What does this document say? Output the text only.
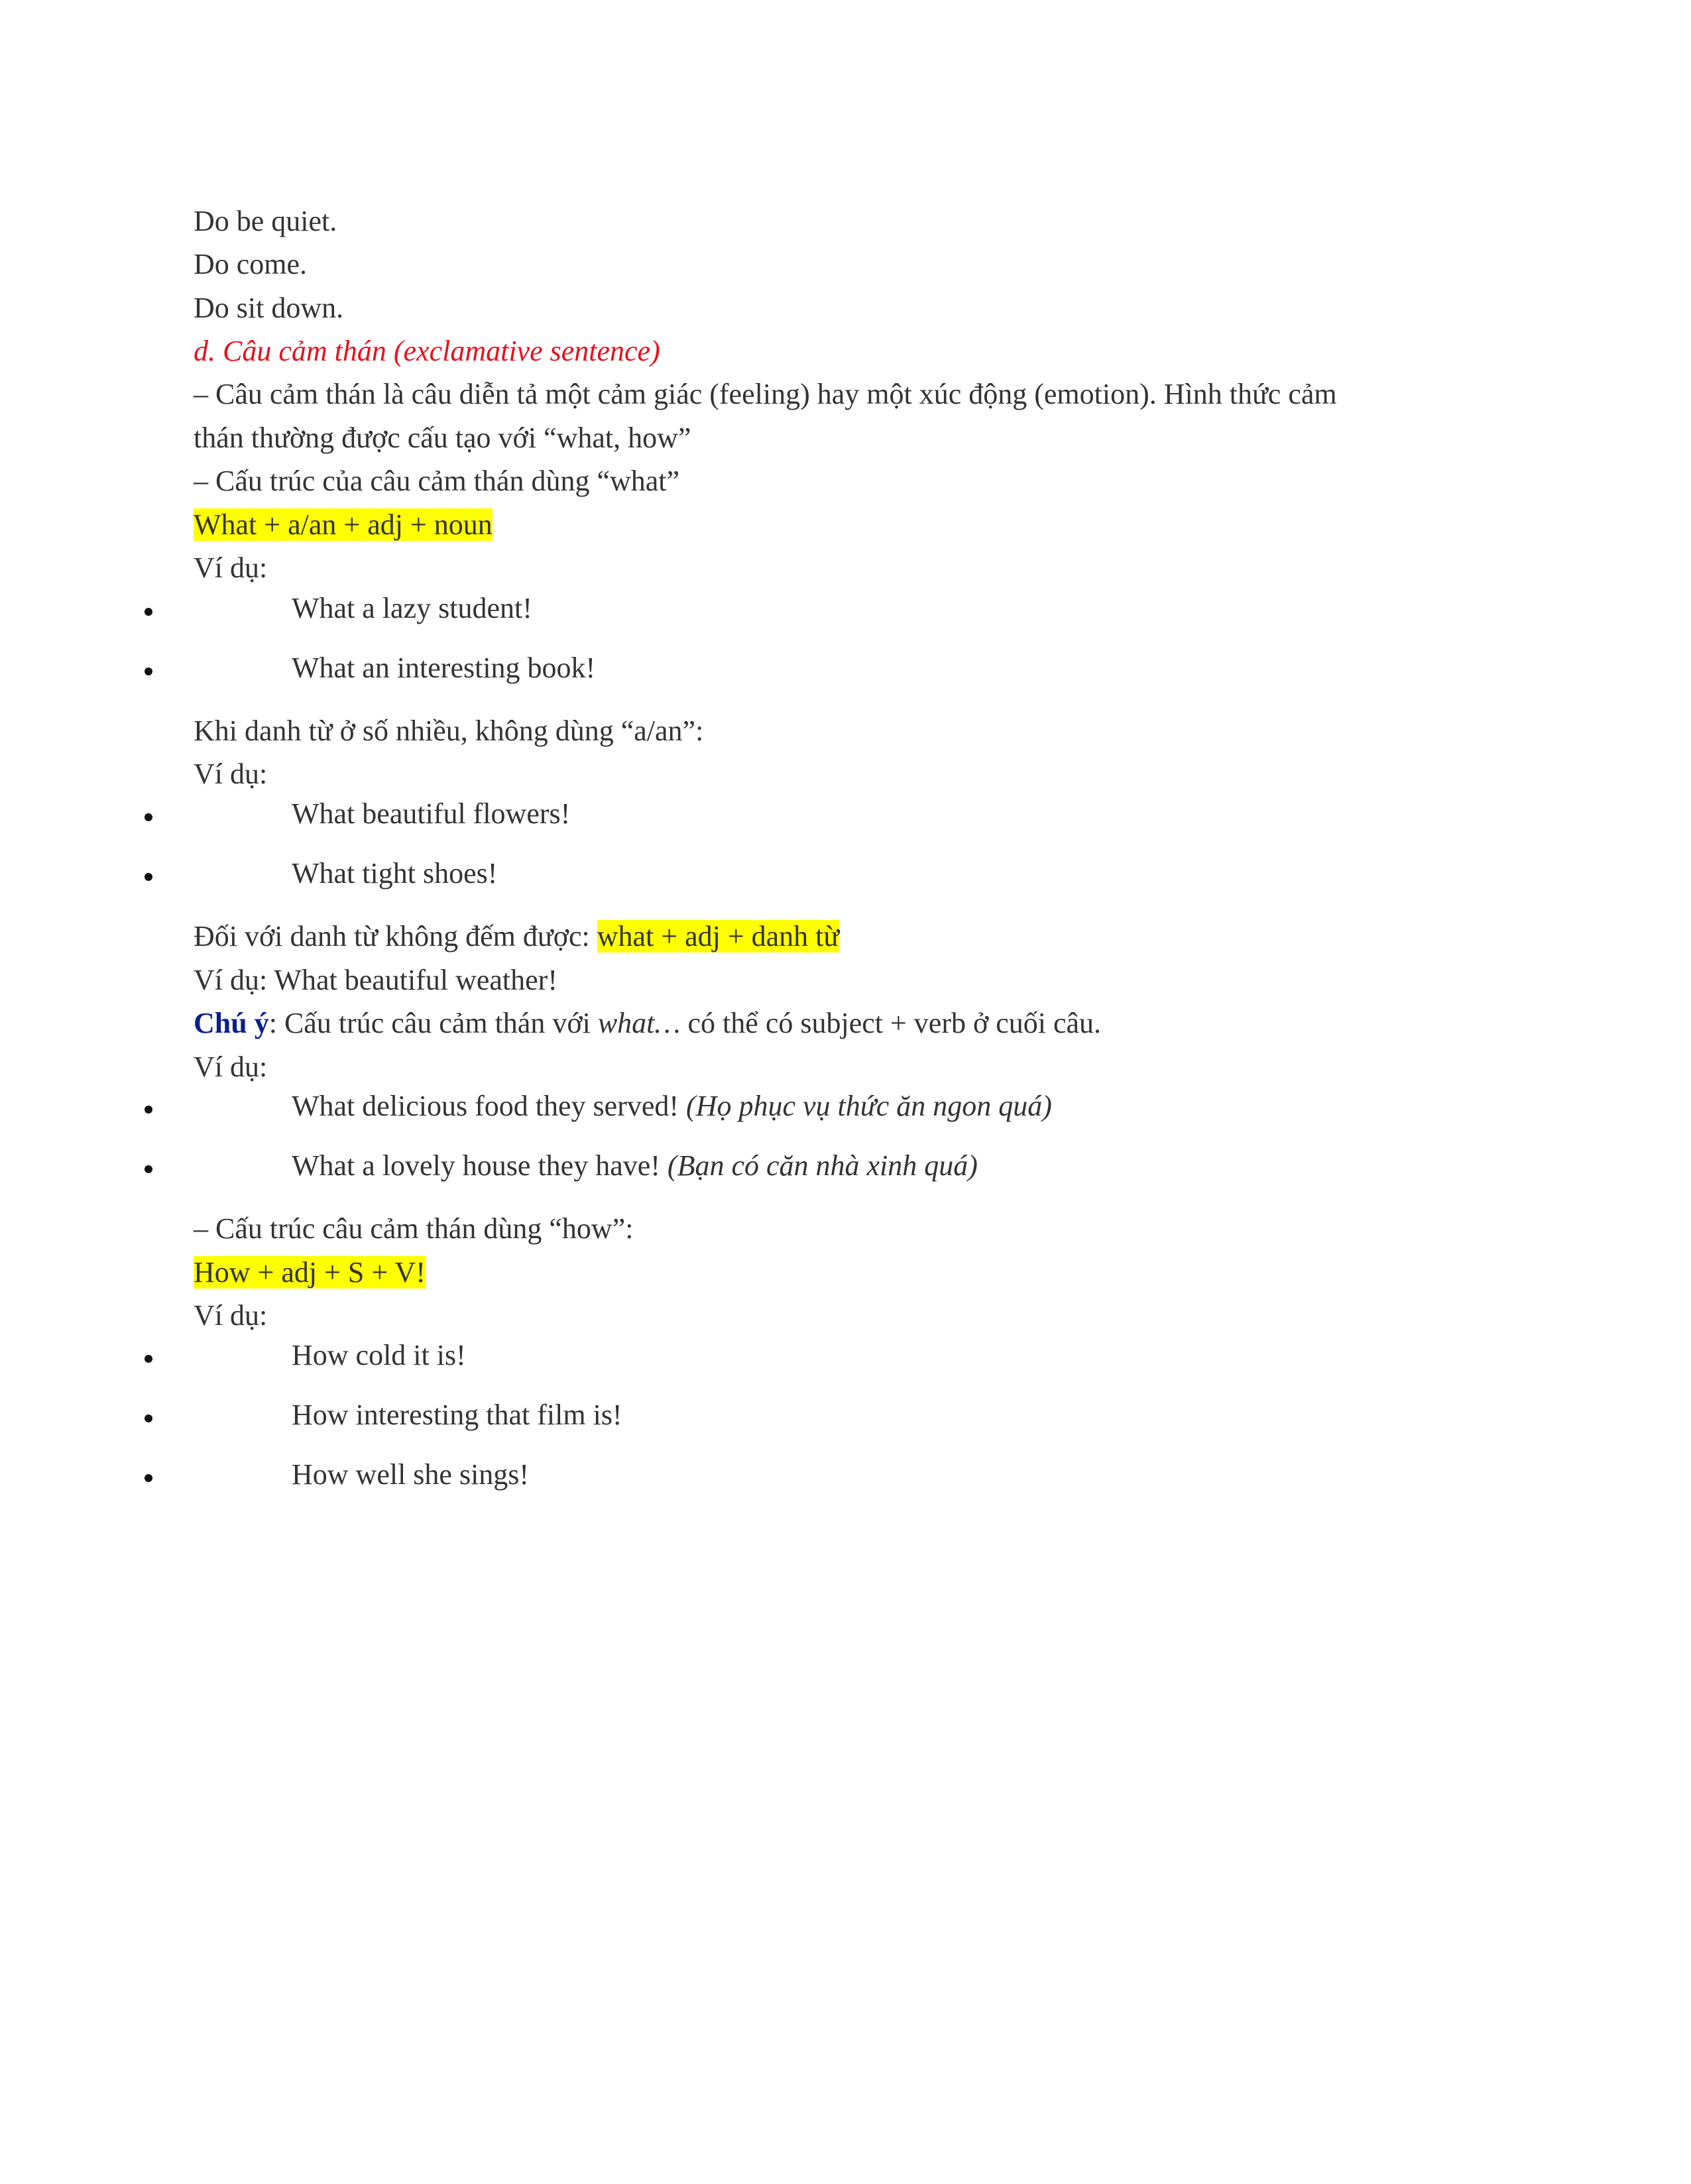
Do be quiet.
Do come.
Do sit down.
d. Câu cảm thán (exclamative sentence)
– Câu cảm thán là câu diễn tả một cảm giác (feeling) hay một xúc động (emotion). Hình thức cảm
thán thường được cấu tạo với “what, how”
– Cấu trúc của câu cảm thán dùng “what”
What + a/an + adj + noun
Ví dụ:
What a lazy student!
What an interesting book!
Khi danh từ ở số nhiều, không dùng “a/an”:
Ví dụ:
What beautiful flowers!
What tight shoes!
Đối với danh từ không đếm được: what + adj + danh từ
Ví dụ: What beautiful weather!
Chú ý: Cấu trúc câu cảm thán với what… có thể có subject + verb ở cuối câu.
Ví dụ:
What delicious food they served! (Họ phục vụ thức ăn ngon quá)
What a lovely house they have! (Bạn có căn nhà xinh quá)
– Cấu trúc câu cảm thán dùng “how”:
How + adj + S + V!
Ví dụ:
How cold it is!
How interesting that film is!
How well she sings!
